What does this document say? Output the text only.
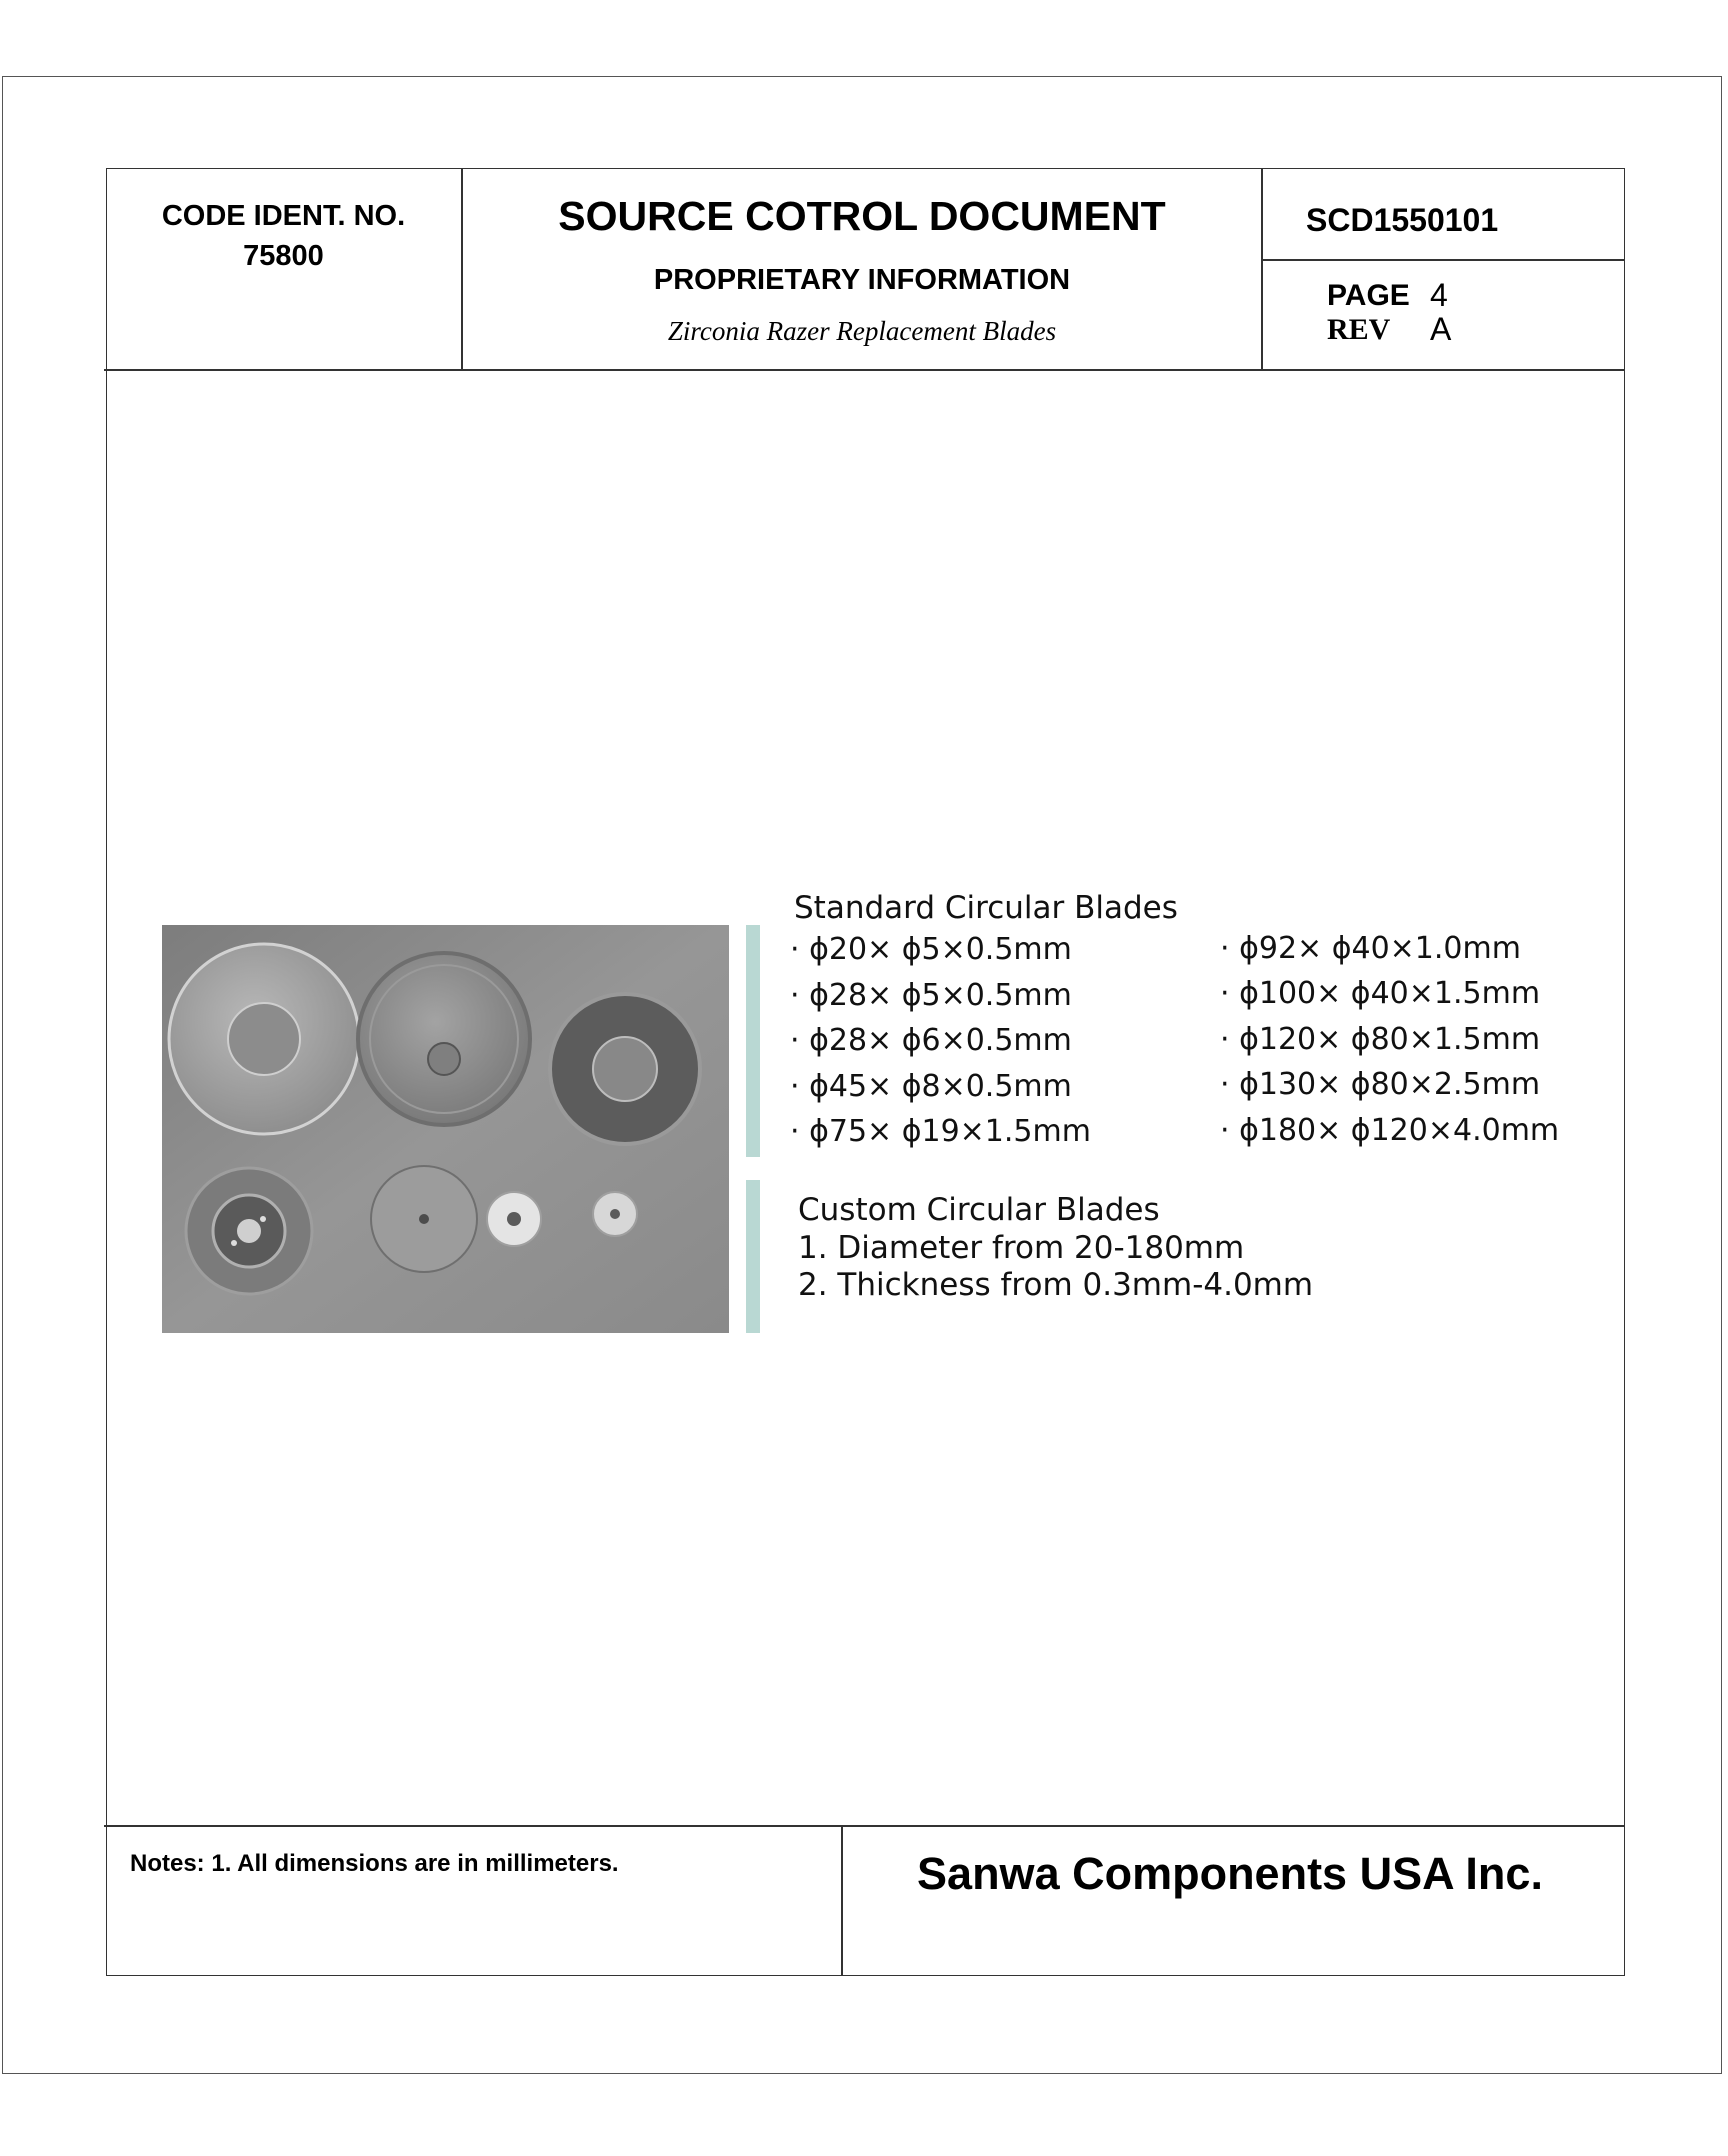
CODE IDENT. NO.
75800
SOURCE COTROL DOCUMENT
PROPRIETARY INFORMATION
Zirconia Razer Replacement Blades
SCD1550101
PAGE 4
REV A
Standard Circular Blades
· ϕ20× ϕ5×0.5mm
· ϕ28× ϕ5×0.5mm
· ϕ28× ϕ6×0.5mm
· ϕ45× ϕ8×0.5mm
· ϕ75× ϕ19×1.5mm
· ϕ92× ϕ40×1.0mm
· ϕ100× ϕ40×1.5mm
· ϕ120× ϕ80×1.5mm
· ϕ130× ϕ80×2.5mm
· ϕ180× ϕ120×4.0mm
Custom Circular Blades
1. Diameter from 20-180mm
2. Thickness from 0.3mm-4.0mm
Notes: 1. All dimensions are in millimeters.	Sanwa Components USA Inc.
